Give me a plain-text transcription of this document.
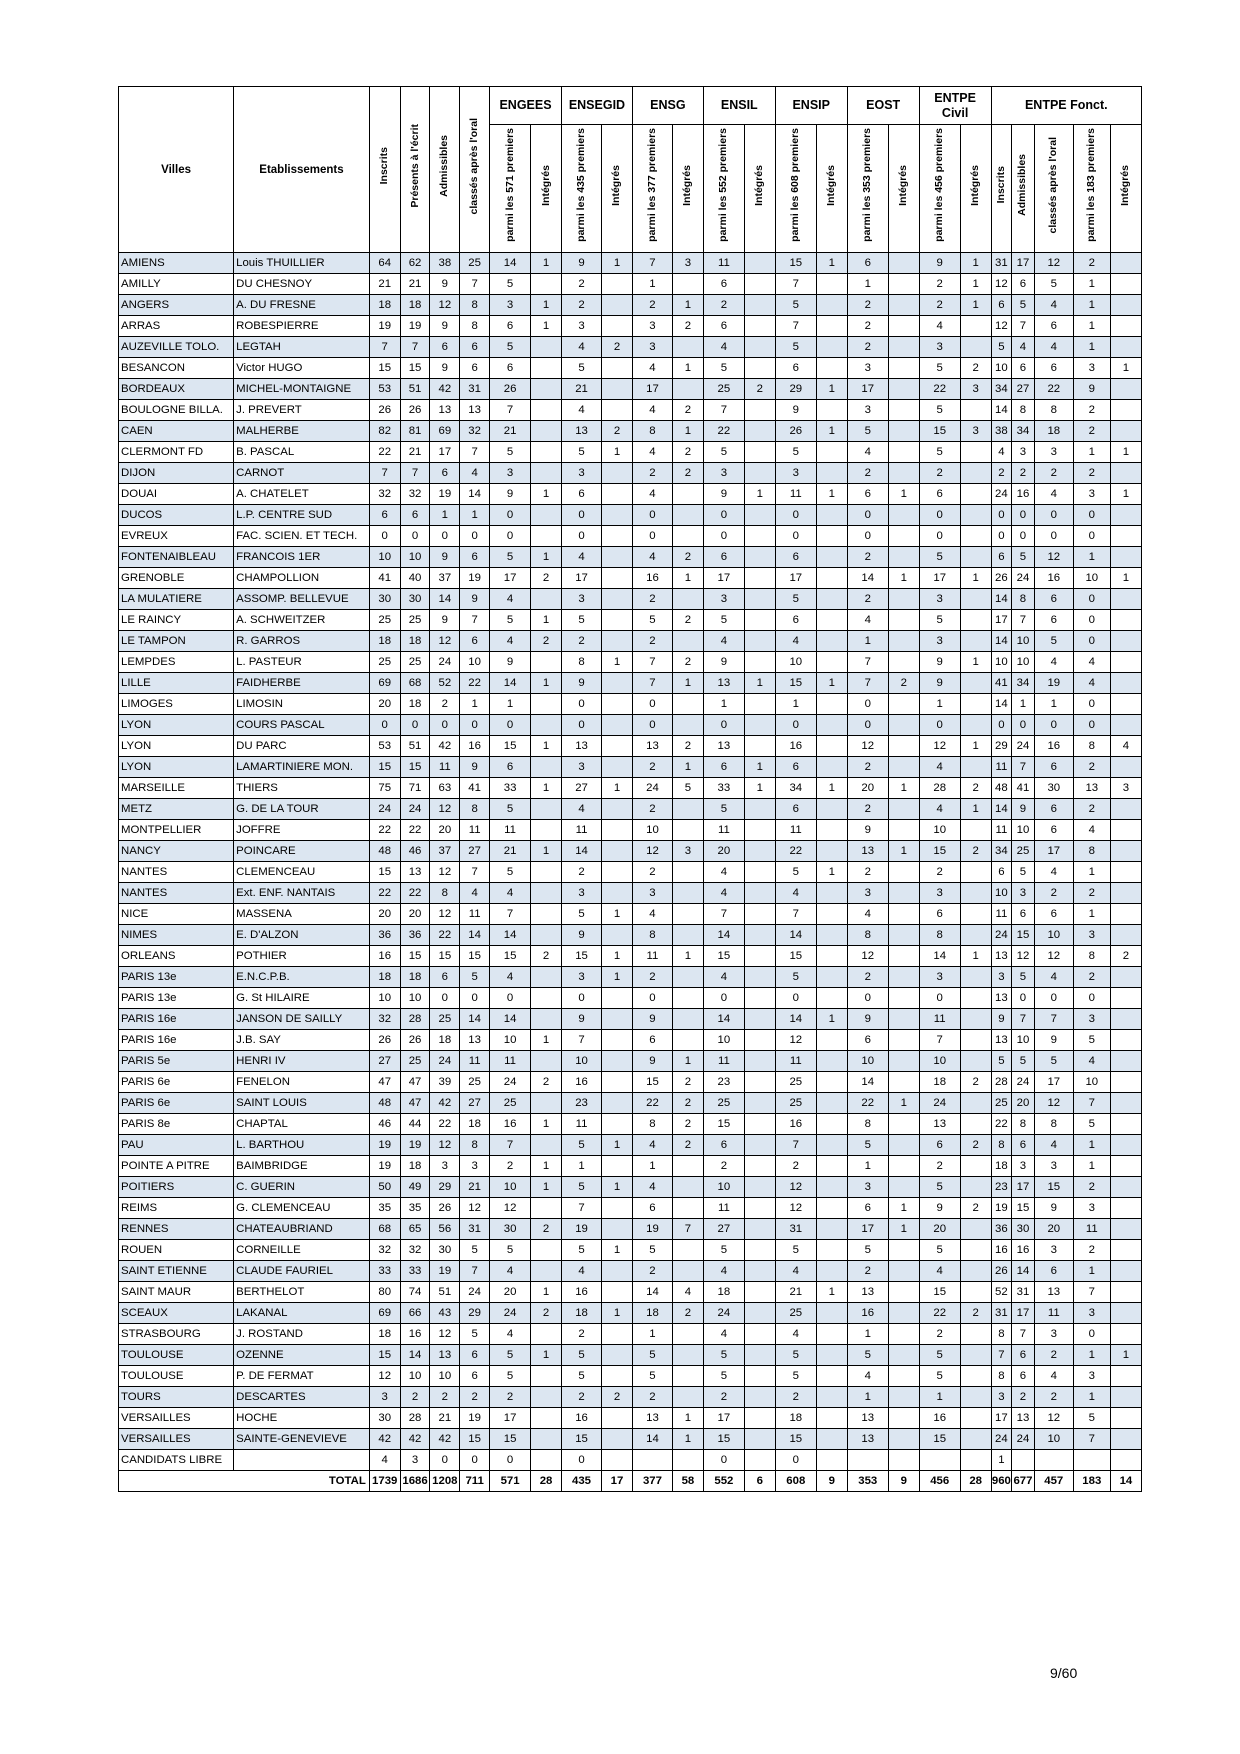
Villes	Etablissements	Inscrits	Présents à l'écrit	Admissibles	classés après l'oral	ENGEES		ENSEGID		ENSG		ENSIL		ENSIP		EOST		ENTPE Civil		ENTPE Fonct.				
						parmi les 571 premiers	Intégrés	parmi les 435 premiers	Intégrés	parmi les 377 premiers	Intégrés	parmi les 552 premiers	Intégrés	parmi les 608 premiers	Intégrés	parmi les 353 premiers	Intégrés	parmi les 456 premiers	Intégrés	Inscrits	Admissibles	classés après l'oral	parmi les 183 premiers	Intégrés
AMIENS	Louis THUILLIER	64	62	38	25	14	1	9	1	7	3	11		15	1	6		9	1	31	17	12	2	
AMILLY	DU CHESNOY	21	21	9	7	5		2		1		6		7		1		2	1	12	6	5	1	
ANGERS	A. DU FRESNE	18	18	12	8	3	1	2		2	1	2		5		2		2	1	6	5	4	1	
ARRAS	ROBESPIERRE	19	19	9	8	6	1	3		3	2	6		7		2		4		12	7	6	1	
AUZEVILLE TOLO.	LEGTAH	7	7	6	6	5		4	2	3		4		5		2		3		5	4	4	1	
BESANCON	Victor HUGO	15	15	9	6	6		5		4	1	5		6		3		5	2	10	6	6	3	1
BORDEAUX	MICHEL-MONTAIGNE	53	51	42	31	26		21		17		25	2	29	1	17		22	3	34	27	22	9	
BOULOGNE BILLA.	J. PREVERT	26	26	13	13	7		4		4	2	7		9		3		5		14	8	8	2	
CAEN	MALHERBE	82	81	69	32	21		13	2	8	1	22		26	1	5		15	3	38	34	18	2	
CLERMONT FD	B. PASCAL	22	21	17	7	5		5	1	4	2	5		5		4		5		4	3	3	1	1
DIJON	CARNOT	7	7	6	4	3		3		2	2	3		3		2		2		2	2	2	2	
DOUAI	A. CHATELET	32	32	19	14	9	1	6		4		9	1	11	1	6	1	6		24	16	4	3	1
DUCOS	L.P. CENTRE SUD	6	6	1	1	0		0		0		0		0		0		0		0	0	0	0	
EVREUX	FAC. SCIEN. ET TECH.	0	0	0	0	0		0		0		0		0		0		0		0	0	0	0	
FONTENAIBLEAU	FRANCOIS 1ER	10	10	9	6	5	1	4		4	2	6		6		2		5		6	5	12	1	
GRENOBLE	CHAMPOLLION	41	40	37	19	17	2	17		16	1	17		17		14	1	17	1	26	24	16	10	1
LA MULATIERE	ASSOMP. BELLEVUE	30	30	14	9	4		3		2		3		5		2		3		14	8	6	0	
LE RAINCY	A. SCHWEITZER	25	25	9	7	5	1	5		5	2	5		6		4		5		17	7	6	0	
LE TAMPON	R. GARROS	18	18	12	6	4	2	2		2		4		4		1		3		14	10	5	0	
LEMPDES	L. PASTEUR	25	25	24	10	9		8	1	7	2	9		10		7		9	1	10	10	4	4	
LILLE	FAIDHERBE	69	68	52	22	14	1	9		7	1	13	1	15	1	7	2	9		41	34	19	4	
LIMOGES	LIMOSIN	20	18	2	1	1		0		0		1		1		0		1		14	1	1	0	
LYON	COURS PASCAL	0	0	0	0	0		0		0		0		0		0		0		0	0	0	0	
LYON	DU PARC	53	51	42	16	15	1	13		13	2	13		16		12		12	1	29	24	16	8	4
LYON	LAMARTINIERE MON.	15	15	11	9	6		3		2	1	6	1	6		2		4		11	7	6	2	
MARSEILLE	THIERS	75	71	63	41	33	1	27	1	24	5	33	1	34	1	20	1	28	2	48	41	30	13	3
METZ	G. DE LA TOUR	24	24	12	8	5		4		2		5		6		2		4	1	14	9	6	2	
MONTPELLIER	JOFFRE	22	22	20	11	11		11		10		11		11		9		10		11	10	6	4	
NANCY	POINCARE	48	46	37	27	21	1	14		12	3	20		22		13	1	15	2	34	25	17	8	
NANTES	CLEMENCEAU	15	13	12	7	5		2		2		4		5	1	2		2		6	5	4	1	
NANTES	Ext. ENF. NANTAIS	22	22	8	4	4		3		3		4		4		3		3		10	3	2	2	
NICE	MASSENA	20	20	12	11	7		5	1	4		7		7		4		6		11	6	6	1	
NIMES	E. D'ALZON	36	36	22	14	14		9		8		14		14		8		8		24	15	10	3	
ORLEANS	POTHIER	16	15	15	15	15	2	15	1	11	1	15		15		12		14	1	13	12	12	8	2
PARIS 13e	E.N.C.P.B.	18	18	6	5	4		3	1	2		4		5		2		3		3	5	4	2	
PARIS 13e	G. St HILAIRE	10	10	0	0	0		0		0		0		0		0		0		13	0	0	0	
PARIS 16e	JANSON DE SAILLY	32	28	25	14	14		9		9		14		14	1	9		11		9	7	7	3	
PARIS 16e	J.B. SAY	26	26	18	13	10	1	7		6		10		12		6		7		13	10	9	5	
PARIS 5e	HENRI IV	27	25	24	11	11		10		9	1	11		11		10		10		5	5	5	4	
PARIS 6e	FENELON	47	47	39	25	24	2	16		15	2	23		25		14		18	2	28	24	17	10	
PARIS 6e	SAINT LOUIS	48	47	42	27	25		23		22	2	25		25		22	1	24		25	20	12	7	
PARIS 8e	CHAPTAL	46	44	22	18	16	1	11		8	2	15		16		8		13		22	8	8	5	
PAU	L. BARTHOU	19	19	12	8	7		5	1	4	2	6		7		5		6	2	8	6	4	1	
POINTE A PITRE	BAIMBRIDGE	19	18	3	3	2	1	1		1		2		2		1		2		18	3	3	1	
POITIERS	C. GUERIN	50	49	29	21	10	1	5	1	4		10		12		3		5		23	17	15	2	
REIMS	G. CLEMENCEAU	35	35	26	12	12		7		6		11		12		6	1	9	2	19	15	9	3	
RENNES	CHATEAUBRIAND	68	65	56	31	30	2	19		19	7	27		31		17	1	20		36	30	20	11	
ROUEN	CORNEILLE	32	32	30	5	5		5	1	5		5		5		5		5		16	16	3	2	
SAINT ETIENNE	CLAUDE FAURIEL	33	33	19	7	4		4		2		4		4		2		4		26	14	6	1	
SAINT MAUR	BERTHELOT	80	74	51	24	20	1	16		14	4	18		21	1	13		15		52	31	13	7	
SCEAUX	LAKANAL	69	66	43	29	24	2	18	1	18	2	24		25		16		22	2	31	17	11	3	
STRASBOURG	J. ROSTAND	18	16	12	5	4		2		1		4		4		1		2		8	7	3	0	
TOULOUSE	OZENNE	15	14	13	6	5	1	5		5		5		5		5		5		7	6	2	1	1
TOULOUSE	P. DE FERMAT	12	10	10	6	5		5		5		5		5		4		5		8	6	4	3	
TOURS	DESCARTES	3	2	2	2	2		2	2	2		2		2		1		1		3	2	2	1	
VERSAILLES	HOCHE	30	28	21	19	17		16		13	1	17		18		13		16		17	13	12	5	
VERSAILLES	SAINTE-GENEVIEVE	42	42	42	15	15		15		14	1	15		15		13		15		24	24	10	7	
CANDIDATS LIBRE		4	3	0	0	0		0				0		0						1				
TOTAL		1739	1686	1208	711	571	28	435	17	377	58	552	6	608	9	353	9	456	28	960	677	457	183	14
9/60
